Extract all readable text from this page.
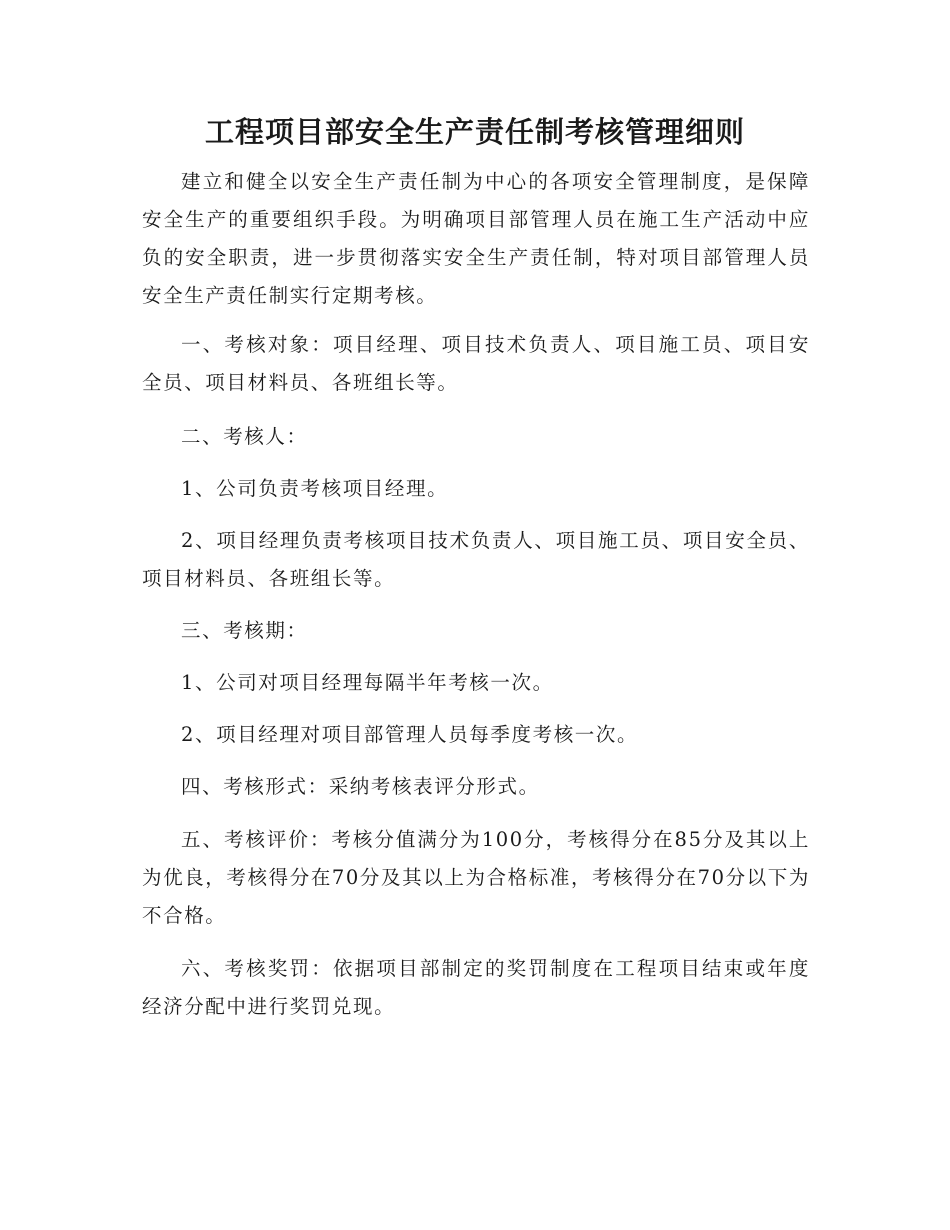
工程项目部安全生产责任制考核管理细则

建立和健全以安全生产责任制为中心的各项安全管理制度，是保障安全生产的重要组织手段。为明确项目部管理人员在施工生产活动中应负的安全职责，进一步贯彻落实安全生产责任制，特对项目部管理人员安全生产责任制实行定期考核。

一、考核对象：项目经理、项目技术负责人、项目施工员、项目安全员、项目材料员、各班组长等。

二、考核人：

1、公司负责考核项目经理。

2、项目经理负责考核项目技术负责人、项目施工员、项目安全员、项目材料员、各班组长等。

三、考核期：

1、公司对项目经理每隔半年考核一次。

2、项目经理对项目部管理人员每季度考核一次。

四、考核形式：采纳考核表评分形式。

五、考核评价：考核分值满分为100分，考核得分在85分及其以上为优良，考核得分在70分及其以上为合格标准，考核得分在70分以下为不合格。

六、考核奖罚：依据项目部制定的奖罚制度在工程项目结束或年度经济分配中进行奖罚兑现。
